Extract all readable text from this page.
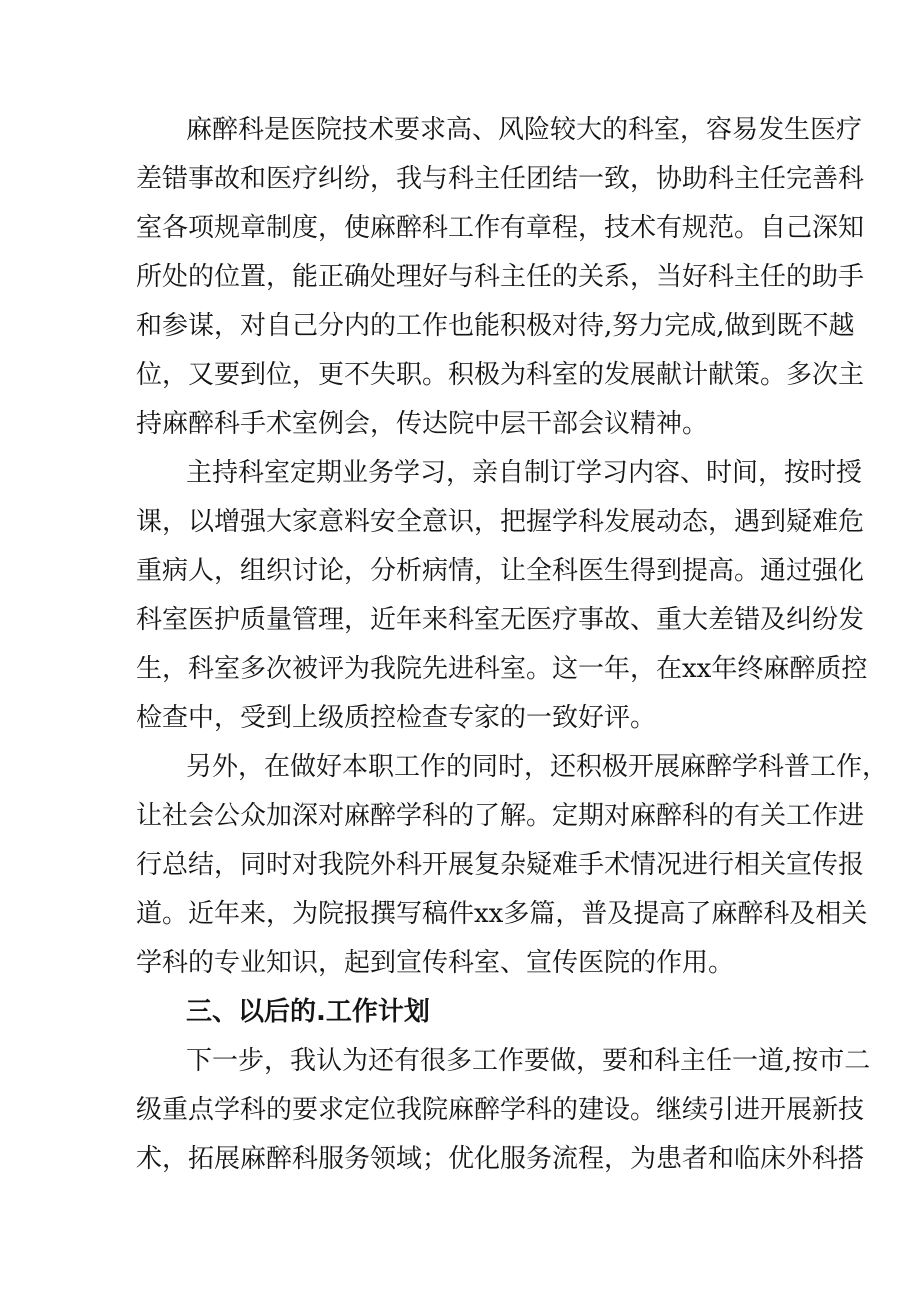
麻醉科是医院技术要求高、风险较大的科室，容易发生医疗
差错事故和医疗纠纷，我与科主任团结一致，协助科主任完善科
室各项规章制度，使麻醉科工作有章程，技术有规范。自己深知
所处的位置，能正确处理好与科主任的关系，当好科主任的助手
和参谋，对自己分内的工作也能积极对待,努力完成,做到既不越
位，又要到位，更不失职。积极为科室的发展献计献策。多次主
持麻醉科手术室例会，传达院中层干部会议精神。
主持科室定期业务学习，亲自制订学习内容、时间，按时授
课，以增强大家意料安全意识，把握学科发展动态，遇到疑难危
重病人，组织讨论，分析病情，让全科医生得到提高。通过强化
科室医护质量管理，近年来科室无医疗事故、重大差错及纠纷发
生，科室多次被评为我院先进科室。这一年，在xx年终麻醉质控
检查中，受到上级质控检查专家的一致好评。
另外，在做好本职工作的同时，还积极开展麻醉学科普工作，
让社会公众加深对麻醉学科的了解。定期对麻醉科的有关工作进
行总结，同时对我院外科开展复杂疑难手术情况进行相关宣传报
道。近年来，为院报撰写稿件xx多篇，普及提高了麻醉科及相关
学科的专业知识，起到宣传科室、宣传医院的作用。
三、以后的.工作计划
下一步，我认为还有很多工作要做，要和科主任一道,按市二
级重点学科的要求定位我院麻醉学科的建设。继续引进开展新技
术，拓展麻醉科服务领域；优化服务流程，为患者和临床外科搭
